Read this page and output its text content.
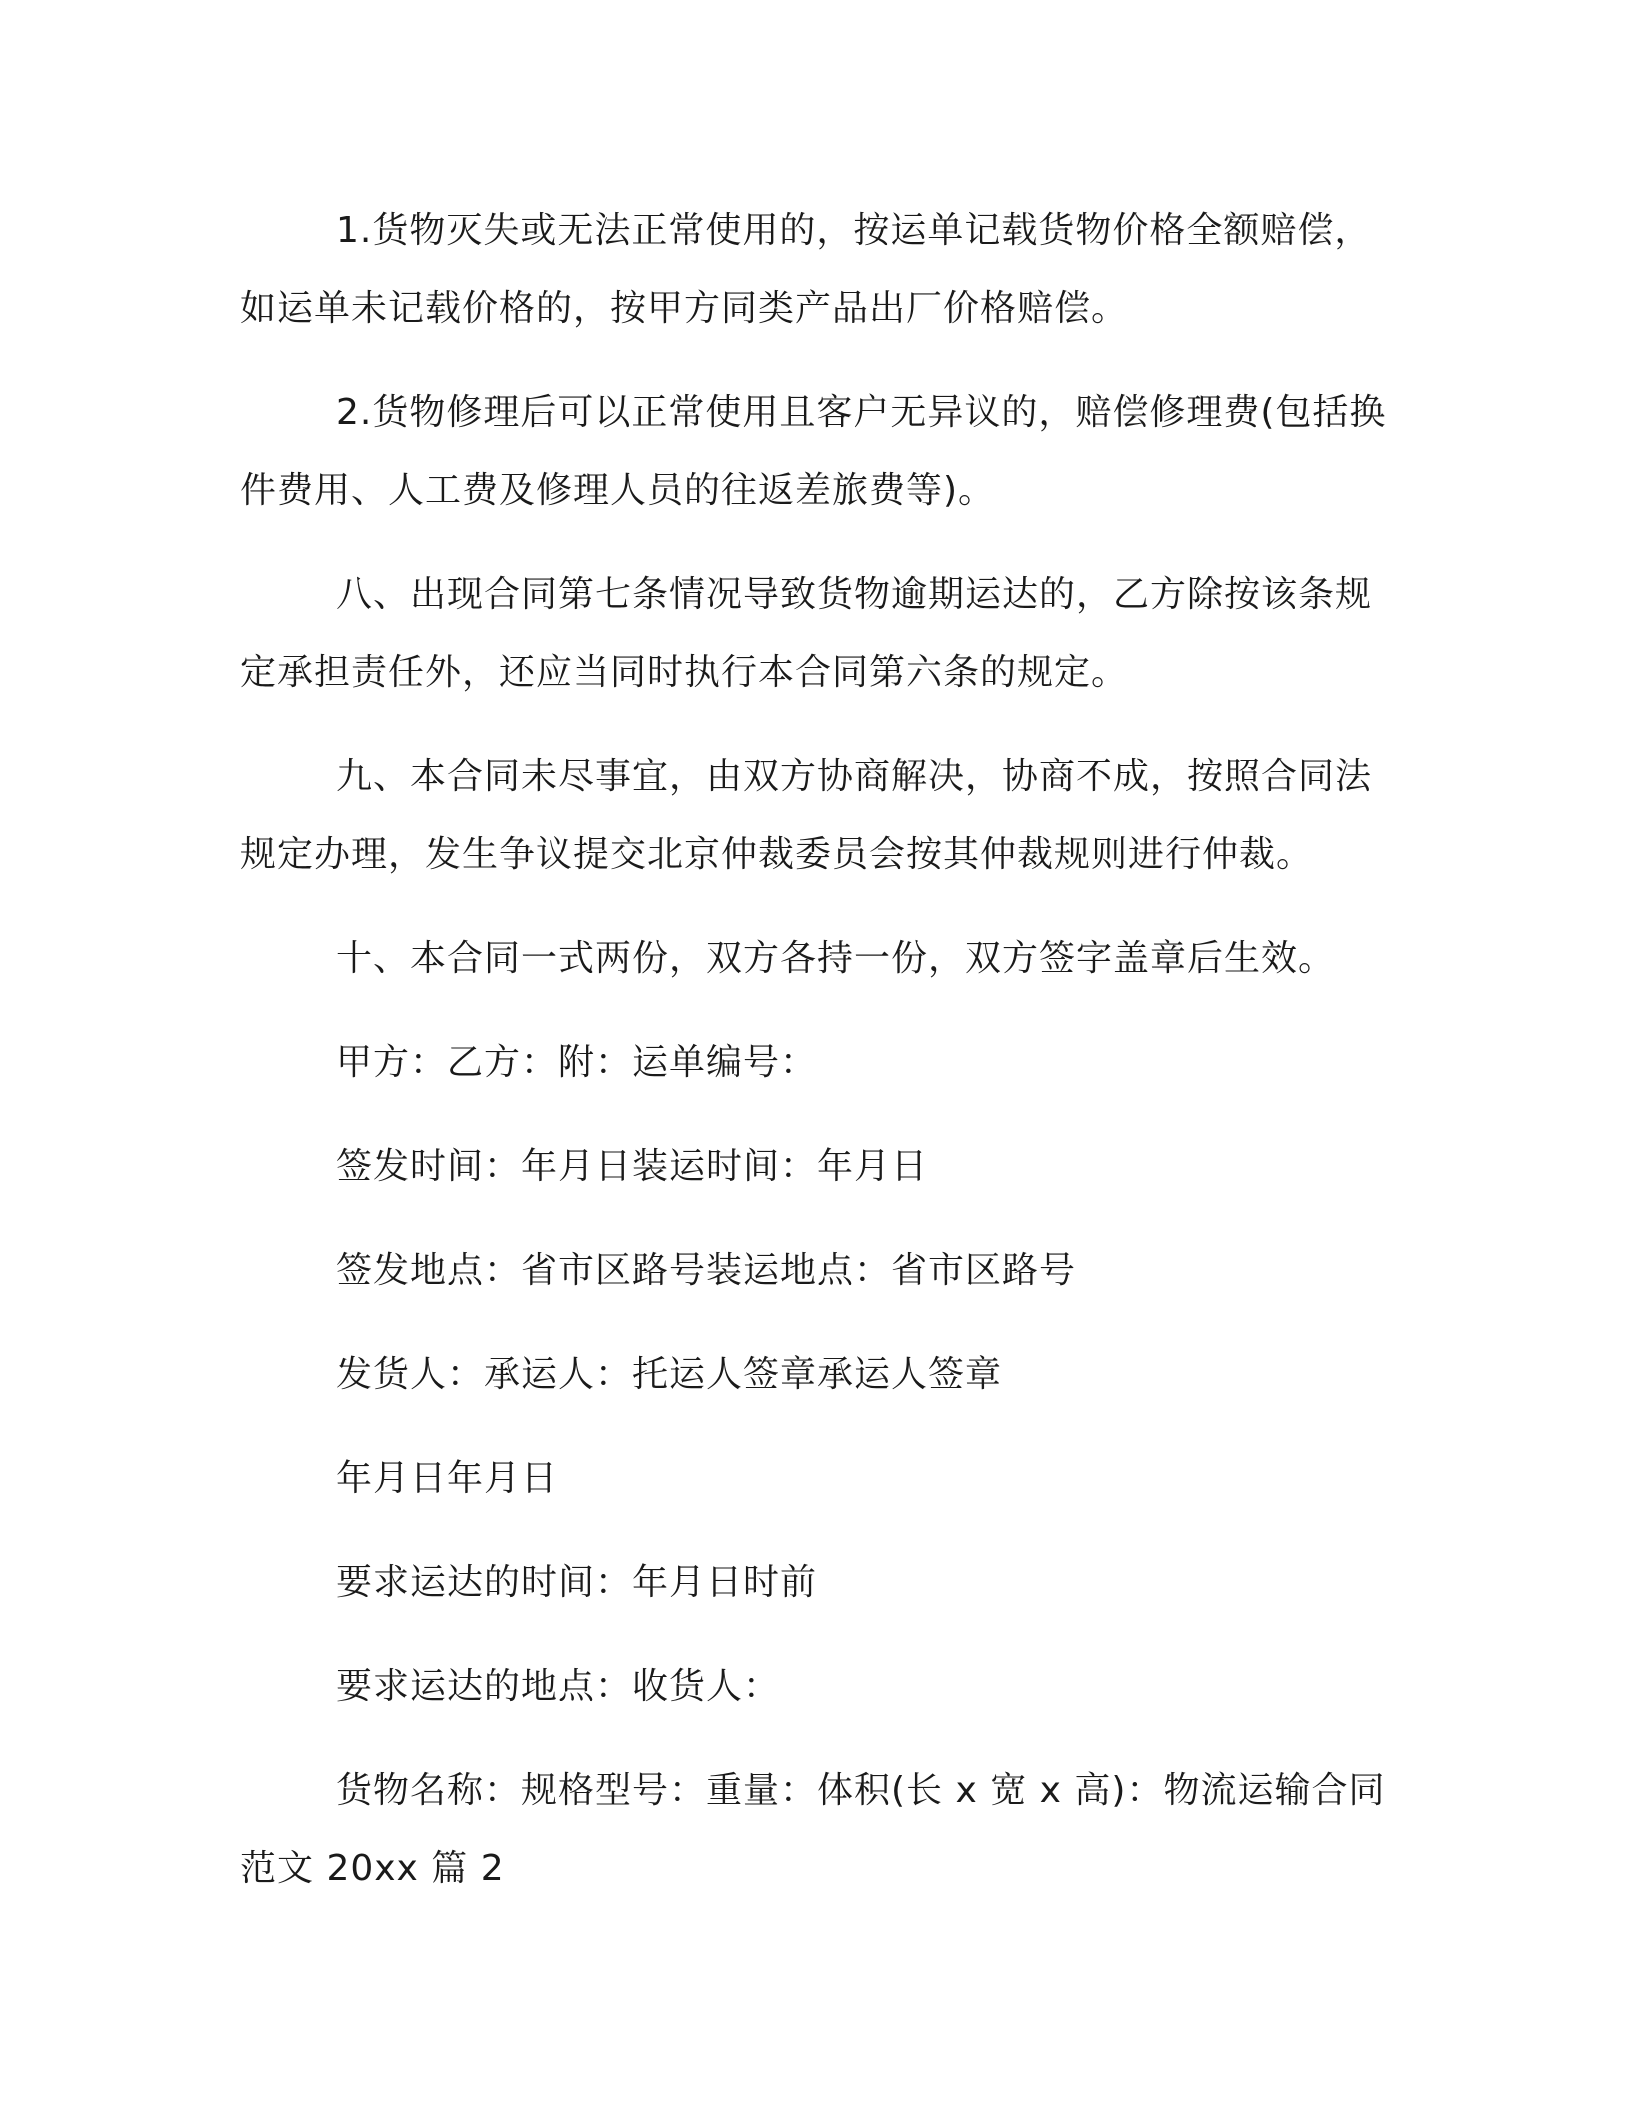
1.货物灭失或无法正常使用的，按运单记载货物价格全额赔偿，如运单未记载价格的，按甲方同类产品出厂价格赔偿。

2.货物修理后可以正常使用且客户无异议的，赔偿修理费(包括换件费用、人工费及修理人员的往返差旅费等)。

八、出现合同第七条情况导致货物逾期运达的，乙方除按该条规定承担责任外，还应当同时执行本合同第六条的规定。

九、本合同未尽事宜，由双方协商解决，协商不成，按照合同法规定办理，发生争议提交北京仲裁委员会按其仲裁规则进行仲裁。

十、本合同一式两份，双方各持一份，双方签字盖章后生效。

甲方：乙方：附：运单编号：

签发时间：年月日装运时间：年月日

签发地点：省市区路号装运地点：省市区路号

发货人：承运人：托运人签章承运人签章

年月日年月日

要求运达的时间：年月日时前

要求运达的地点：收货人：

货物名称：规格型号：重量：体积(长 x 宽 x 高)：物流运输合同范文 20xx 篇 2
